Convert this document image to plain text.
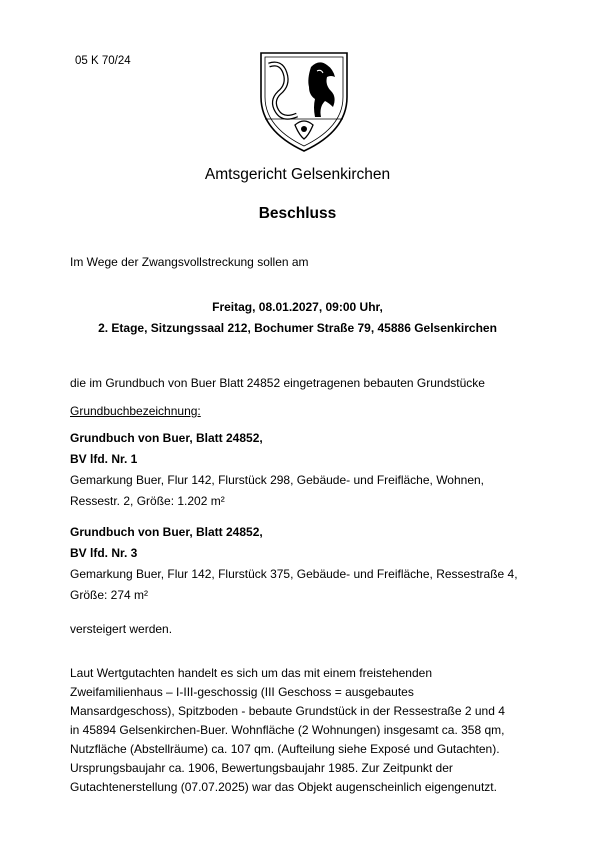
05 K 70/24
Amtsgericht Gelsenkirchen
Beschluss
Im Wege der Zwangsvollstreckung sollen am
Freitag, 08.01.2027, 09:00 Uhr,
2. Etage, Sitzungssaal 212, Bochumer Straße 79, 45886 Gelsenkirchen
die im Grundbuch von Buer Blatt 24852 eingetragenen bebauten Grundstücke
Grundbuchbezeichnung:
Grundbuch von Buer, Blatt 24852,
BV lfd. Nr. 1
Gemarkung Buer, Flur 142, Flurstück 298, Gebäude- und Freifläche, Wohnen,
Ressestr. 2, Größe: 1.202 m²
Grundbuch von Buer, Blatt 24852,
BV lfd. Nr. 3
Gemarkung Buer, Flur 142, Flurstück 375, Gebäude- und Freifläche, Ressestraße 4,
Größe: 274 m²
versteigert werden.
Laut Wertgutachten handelt es sich um das mit einem freistehenden
Zweifamilienhaus – I-III-geschossig (III Geschoss = ausgebautes
Mansardgeschoss), Spitzboden - bebaute Grundstück in der Ressestraße 2 und 4
in 45894 Gelsenkirchen-Buer. Wohnfläche (2 Wohnungen) insgesamt ca. 358 qm,
Nutzfläche (Abstellräume) ca. 107 qm. (Aufteilung siehe Exposé und Gutachten).
Ursprungsbaujahr ca. 1906, Bewertungsbaujahr 1985. Zur Zeitpunkt der
Gutachtenerstellung (07.07.2025) war das Objekt augenscheinlich eigengenutzt.
